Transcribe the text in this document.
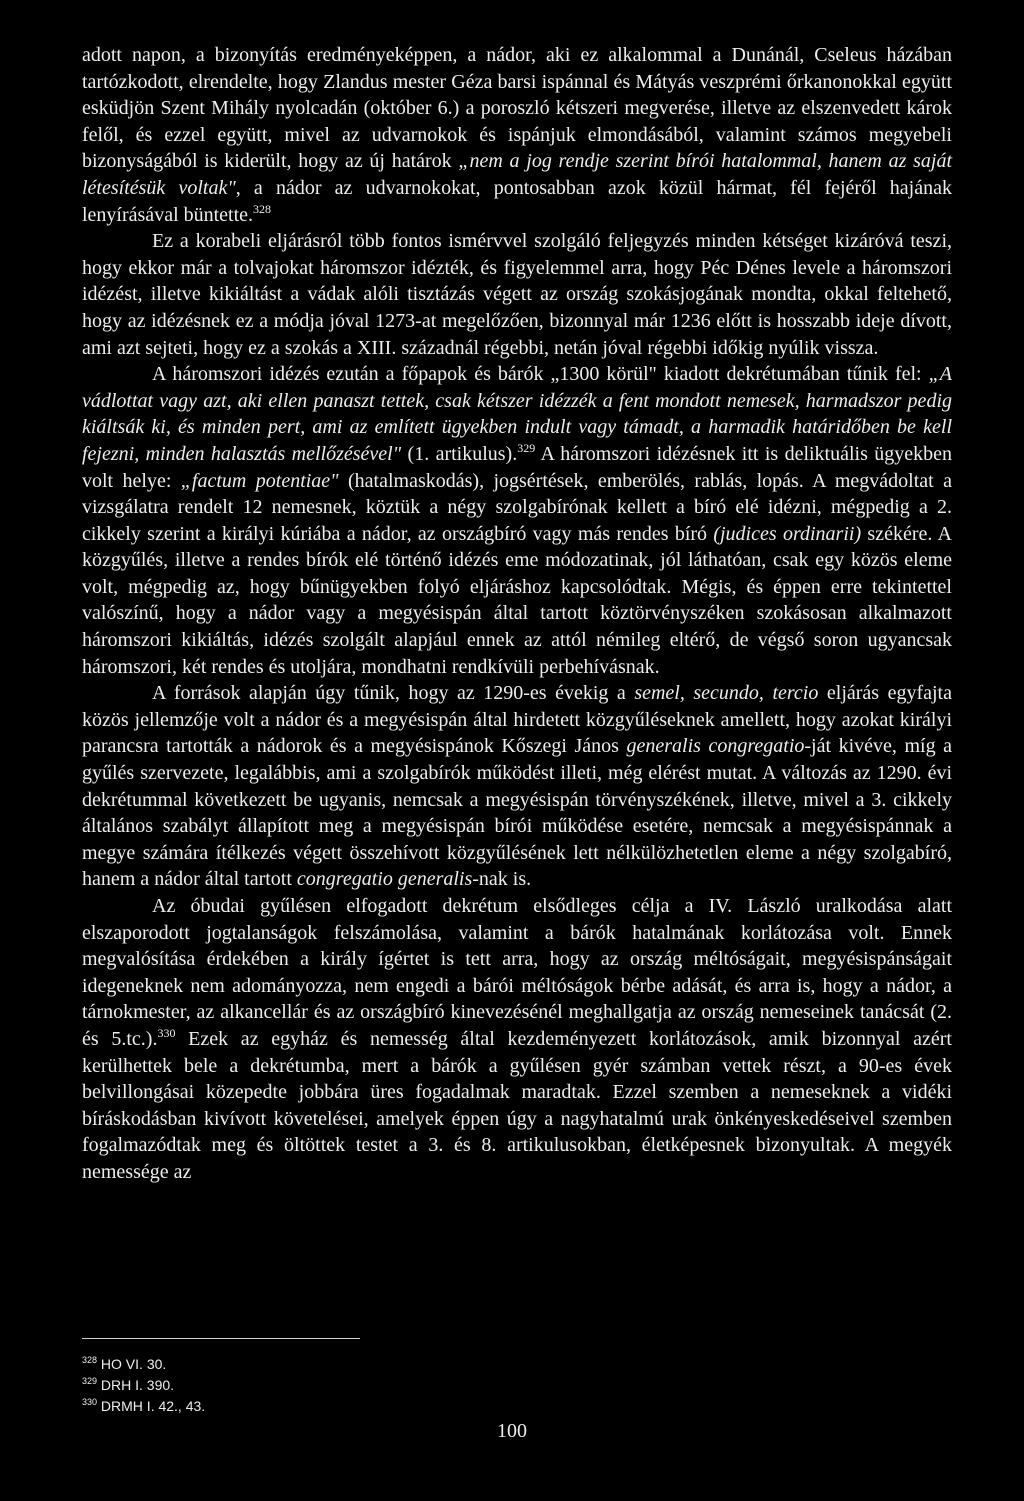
adott napon, a bizonyítás eredményeképpen, a nádor, aki ez alkalommal a Dunánál, Cseleus házában tartózkodott, elrendelte, hogy Zlandus mester Géza barsi ispánnal és Mátyás veszprémi őrkanonokkal együtt esküdjön Szent Mihály nyolcadán (október 6.) a poroszló kétszeri megverése, illetve az elszenvedett károk felől, és ezzel együtt, mivel az udvarnokok és ispánjuk elmondásából, valamint számos megyebeli bizonyságából is kiderült, hogy az új határok „nem a jog rendje szerint bírói hatalommal, hanem az saját létesítésük voltak", a nádor az udvarnokokat, pontosabban azok közül hármat, fél fejéről hajának lenyírásával büntette.$^{328}$

Ez a korabeli eljárásról több fontos ismérvvel szolgáló feljegyzés minden kétséget kizáróvá teszi, hogy ekkor már a tolvajokat háromszor idézték, és figyelemmel arra, hogy Péc Dénes levele a háromszori idézést, illetve kikiáltást a vádak alóli tisztázás végett az ország szokásjogának mondta, okkal feltehető, hogy az idézésnek ez a módja jóval 1273-at megelőzően, bizonnyal már 1236 előtt is hosszabb ideje dívott, ami azt sejteti, hogy ez a szokás a XIII. századnál régebbi, netán jóval régebbi időkig nyúlik vissza.

A háromszori idézés ezután a főpapok és bárók „1300 körül" kiadott dekrétumában tűnik fel: „A vádlottat vagy azt, aki ellen panaszt tettek, csak kétszer idézzék a fent mondott nemesek, harmadszor pedig kiáltsák ki, és minden pert, ami az említett ügyekben indult vagy támadt, a harmadik határidőben be kell fejezni, minden halasztás mellőzésével" (1. artikulus).$^{329}$ A háromszori idézésnek itt is deliktuális ügyekben volt helye: „factum potentiae" (hatalmaskodás), jogsértések, emberölés, rablás, lopás. A megvádoltat a vizsgálatra rendelt 12 nemesnek, köztük a négy szolgabírónak kellett a bíró elé idézni, mégpedig a 2. cikkely szerint a királyi kúriába a nádor, az országbíró vagy más rendes bíró (judices ordinarii) székére. A közgyűlés, illetve a rendes bírók elé történő idézés eme módozatinak, jól láthatóan, csak egy közös eleme volt, mégpedig az, hogy bűnügyekben folyó eljáráshoz kapcsolódtak. Mégis, és éppen erre tekintettel valószínű, hogy a nádor vagy a megyésispán által tartott köztörvényszéken szokásosan alkalmazott háromszori kikiáltás, idézés szolgált alapjául ennek az attól némileg eltérő, de végső soron ugyancsak háromszori, két rendes és utoljára, mondhatni rendkívüli perbehívásnak.

A források alapján úgy tűnik, hogy az 1290-es évekig a semel, secundo, tercio eljárás egyfajta közös jellemzője volt a nádor és a megyésispán által hirdetett közgyűléseknek amellett, hogy azokat királyi parancsra tartották a nádorok és a megyésispánok Kőszegi János generalis congregatio-ját kivéve, míg a gyűlés szervezete, legalábbis, ami a szolgabírók működést illeti, még elérést mutat. A változás az 1290. évi dekrétummal következett be ugyanis, nemcsak a megyésispán törvényszékének, illetve, mivel a 3. cikkely általános szabályt állapított meg a megyésispán bírói működése esetére, nemcsak a megyésispánnak a megye számára ítélkezés végett összehívott közgyűlésének lett nélkülözhetetlen eleme a négy szolgabíró, hanem a nádor által tartott congregatio generalis-nak is.

Az óbudai gyűlésen elfogadott dekrétum elsődleges célja a IV. László uralkodása alatt elszaporodott jogtalanságok felszámolása, valamint a bárók hatalmának korlátozása volt. Ennek megvalósítása érdekében a király ígértet is tett arra, hogy az ország méltóságait, megyésispánságait idegeneknek nem adományozza, nem engedi a bárói méltóságok bérbe adását, és arra is, hogy a nádor, a tárnokmester, az alkancellár és az országbíró kinevezésénél meghallgatja az ország nemeseinek tanácsát (2. és 5.tc.).$^{330}$ Ezek az egyház és nemesség által kezdeményezett korlátozások, amik bizonnyal azért kerülhettek bele a dekrétumba, mert a bárók a gyűlésen gyér számban vettek részt, a 90-es évek belvillongásai közepedte jobbára üres fogadalmak maradtak. Ezzel szemben a nemeseknek a vidéki bíráskodásban kivívott követelései, amelyek éppen úgy a nagyhatalmú urak önkényeskedéseivel szemben fogalmazódtak meg és öltöttek testet a 3. és 8. artikulusokban, életképesnek bizonyultak. A megyék nemessége az

$^{328}$ HO VI. 30.
$^{329}$ DRH I. 390.
$^{330}$ DRMH I. 42., 43.
100
